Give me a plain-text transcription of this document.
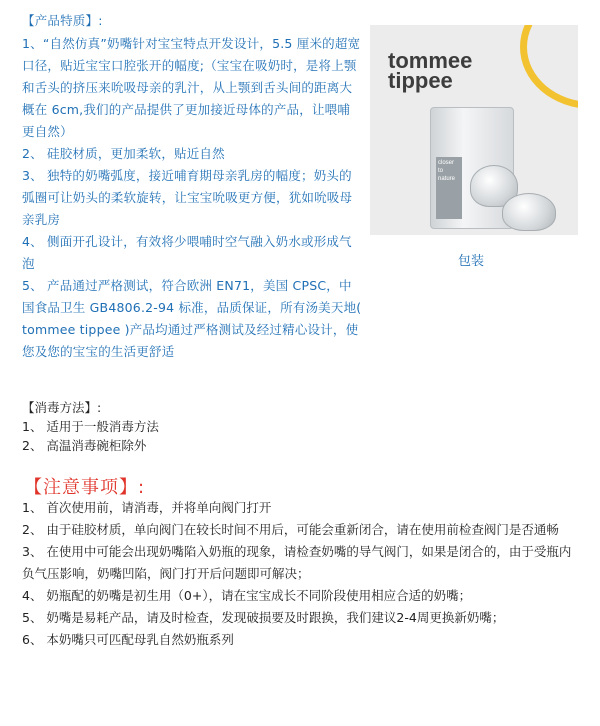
【产品特质】:

1、“自然仿真”奶嘴针对宝宝特点开发设计，5.5 厘米的超宽口径，贴近宝宝口腔张开的幅度;（宝宝在吸奶时，是将上颚和舌头的挤压来吮吸母亲的乳汁，从上颚到舌头间的距离大概在 6cm,我们的产品提供了更加接近母体的产品，让喂哺更自然）

2、 硅胶材质，更加柔软，贴近自然

3、 独特的奶嘴弧度，接近哺育期母亲乳房的幅度；奶头的弧圈可让奶头的柔软旋转，让宝宝吮吸更方便，犹如吮吸母亲乳房

4、 侧面开孔设计，有效将少喂哺时空气融入奶水或形成气泡

5、 产品通过严格测试，符合欧洲 EN71，美国 CPSC，中国食品卫生 GB4806.2-94 标准，品质保证，所有汤美天地( tommee tippee )产品均通过严格测试及经过精心设计，使您及您的宝宝的生活更舒适

tommee
tippee
closer to nature
包装

【消毒方法】:

1、 适用于一般消毒方法

2、 高温消毒碗柜除外

【注意事项】:

1、 首次使用前，请消毒，并将单向阀门打开

2、 由于硅胶材质，单向阀门在较长时间不用后，可能会重新闭合，请在使用前检查阀门是否通畅

3、 在使用中可能会出现奶嘴陷入奶瓶的现象，请检查奶嘴的导气阀门，如果是闭合的，由于受瓶内负气压影响，奶嘴凹陷，阀门打开后问题即可解决；

4、 奶瓶配的奶嘴是初生用（0+），请在宝宝成长不同阶段使用相应合适的奶嘴；

5、 奶嘴是易耗产品，请及时检查，发现破损要及时跟换，我们建议2-4周更换新奶嘴；

6、 本奶嘴只可匹配母乳自然奶瓶系列
